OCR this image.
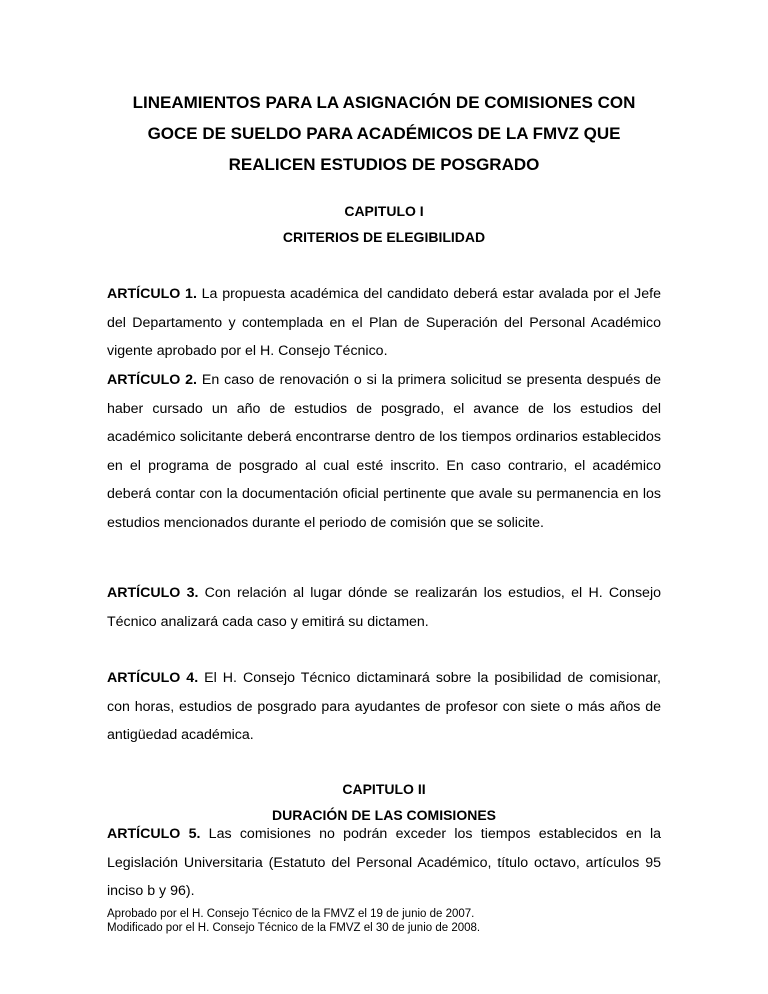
LINEAMIENTOS PARA LA ASIGNACIÓN DE COMISIONES CON
GOCE DE SUELDO PARA ACADÉMICOS DE LA FMVZ QUE
REALICEN ESTUDIOS DE POSGRADO
CAPITULO I
CRITERIOS DE ELEGIBILIDAD
ARTÍCULO 1. La propuesta académica del candidato deberá estar avalada por el Jefe del Departamento y contemplada en el Plan de Superación del Personal Académico vigente aprobado por el H. Consejo Técnico.
ARTÍCULO 2. En caso de renovación o si la primera solicitud se presenta después de haber cursado un año de estudios de posgrado, el avance de los estudios del académico solicitante deberá encontrarse dentro de los tiempos ordinarios establecidos en el programa de posgrado al cual esté inscrito. En caso contrario, el académico deberá contar con la documentación oficial pertinente que avale su permanencia en los estudios mencionados durante el periodo de comisión que se solicite.
ARTÍCULO 3. Con relación al lugar dónde se realizarán los estudios, el H. Consejo Técnico analizará cada caso y emitirá su dictamen.
ARTÍCULO 4. El H. Consejo Técnico dictaminará sobre la posibilidad de comisionar, con horas, estudios de posgrado para ayudantes de profesor con siete o más años de antigüedad académica.
CAPITULO II
DURACIÓN DE LAS COMISIONES
ARTÍCULO 5. Las comisiones no podrán exceder los tiempos establecidos en la Legislación Universitaria (Estatuto del Personal Académico, título octavo, artículos 95 inciso b y 96).
Aprobado por el H. Consejo Técnico de la FMVZ el 19 de junio de 2007.
Modificado por el H. Consejo Técnico de la FMVZ el 30 de junio de 2008.
